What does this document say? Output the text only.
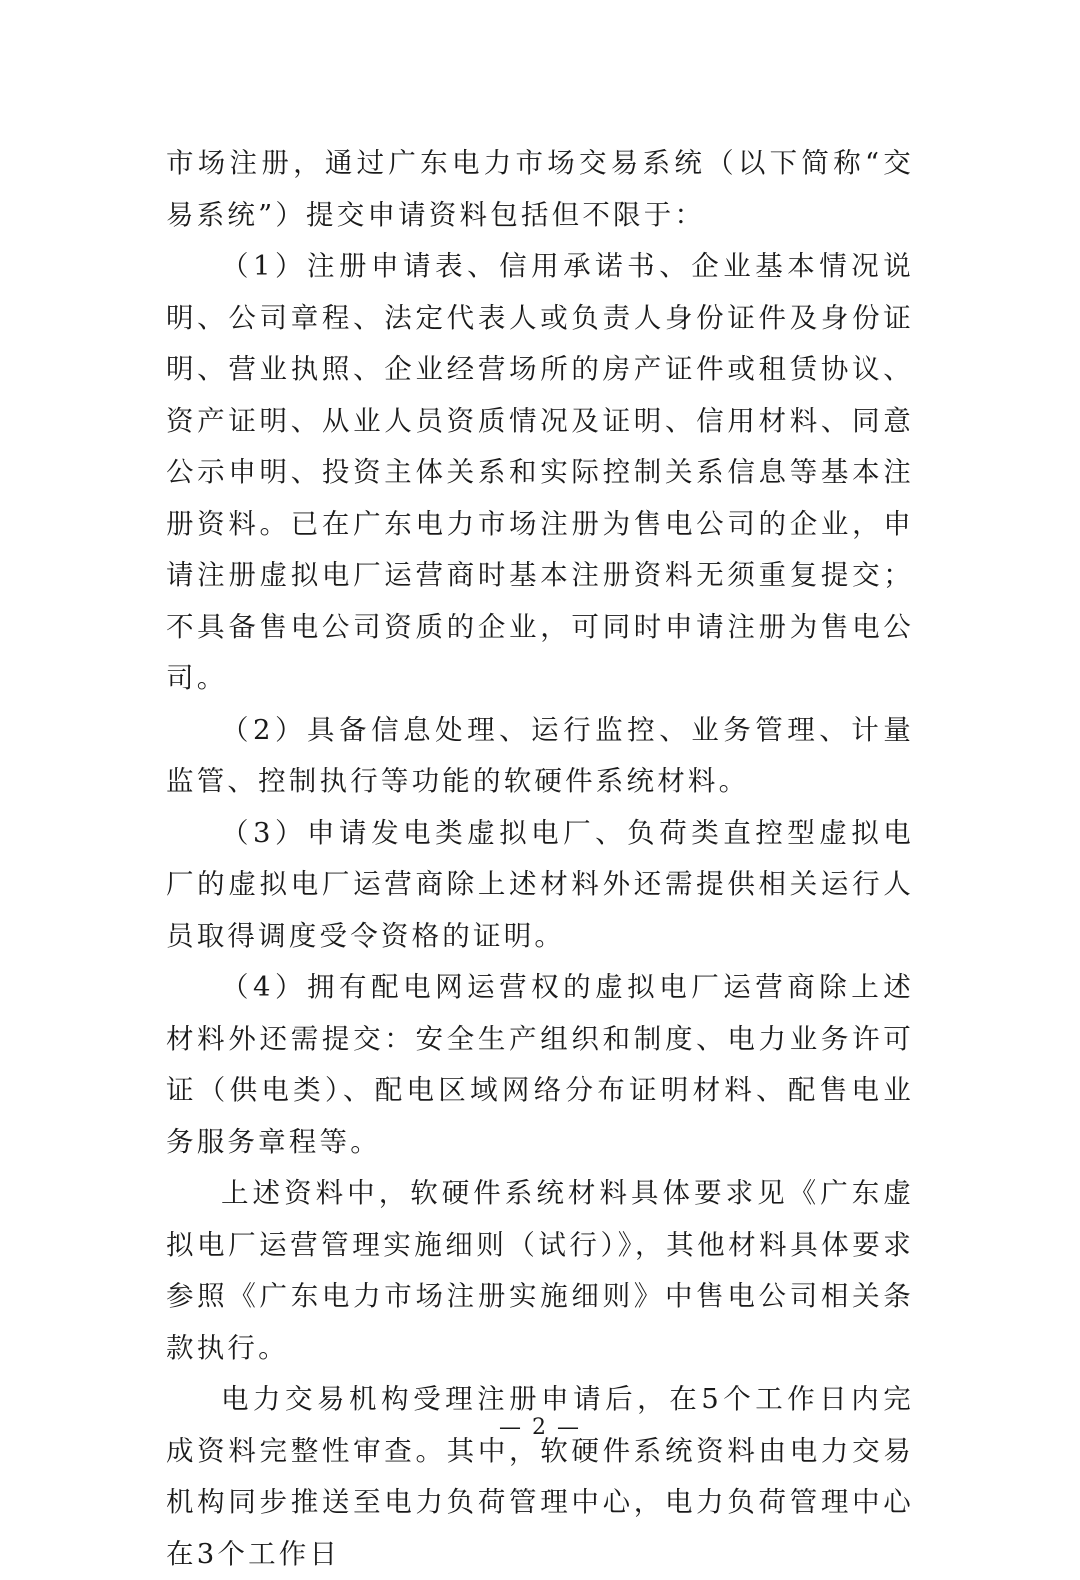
市场注册，通过广东电力市场交易系统（以下简称“交易系统”）提交申请资料包括但不限于：

（1）注册申请表、信用承诺书、企业基本情况说明、公司章程、法定代表人或负责人身份证件及身份证明、营业执照、企业经营场所的房产证件或租赁协议、资产证明、从业人员资质情况及证明、信用材料、同意公示申明、投资主体关系和实际控制关系信息等基本注册资料。已在广东电力市场注册为售电公司的企业，申请注册虚拟电厂运营商时基本注册资料无须重复提交；不具备售电公司资质的企业，可同时申请注册为售电公司。

（2）具备信息处理、运行监控、业务管理、计量监管、控制执行等功能的软硬件系统材料。

（3）申请发电类虚拟电厂、负荷类直控型虚拟电厂的虚拟电厂运营商除上述材料外还需提供相关运行人员取得调度受令资格的证明。

（4）拥有配电网运营权的虚拟电厂运营商除上述材料外还需提交：安全生产组织和制度、电力业务许可证（供电类）、配电区域网络分布证明材料、配售电业务服务章程等。

上述资料中，软硬件系统材料具体要求见《广东虚拟电厂运营管理实施细则（试行）》，其他材料具体要求参照《广东电力市场注册实施细则》中售电公司相关条款执行。

电力交易机构受理注册申请后，在5个工作日内完成资料完整性审查。其中，软硬件系统资料由电力交易机构同步推送至电力负荷管理中心，电力负荷管理中心在3个工作日

— 2 —
